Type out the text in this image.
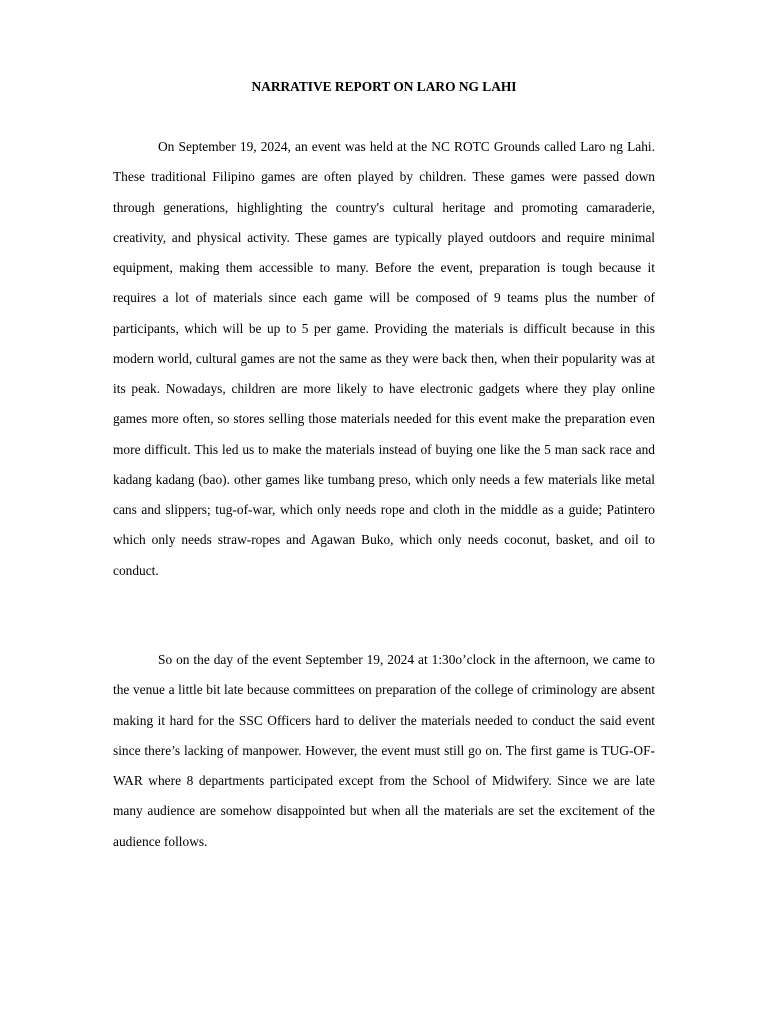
NARRATIVE REPORT ON LARO NG LAHI

On September 19, 2024, an event was held at the NC ROTC Grounds called Laro ng Lahi. These traditional Filipino games are often played by children. These games were passed down through generations, highlighting the country's cultural heritage and promoting camaraderie, creativity, and physical activity. These games are typically played outdoors and require minimal equipment, making them accessible to many. Before the event, preparation is tough because it requires a lot of materials since each game will be composed of 9 teams plus the number of participants, which will be up to 5 per game. Providing the materials is difficult because in this modern world, cultural games are not the same as they were back then, when their popularity was at its peak. Nowadays, children are more likely to have electronic gadgets where they play online games more often, so stores selling those materials needed for this event make the preparation even more difficult. This led us to make the materials instead of buying one like the 5 man sack race and kadang kadang (bao). other games like tumbang preso, which only needs a few materials like metal cans and slippers; tug-of-war, which only needs rope and cloth in the middle as a guide; Patintero which only needs straw-ropes and Agawan Buko, which only needs coconut, basket, and oil to conduct.

So on the day of the event September 19, 2024 at 1:30o’clock in the afternoon, we came to the venue a little bit late because committees on preparation of the college of criminology are absent making it hard for the SSC Officers hard to deliver the materials needed to conduct the said event since there’s lacking of manpower. However, the event must still go on. The first game is TUG-OF-WAR where 8 departments participated except from the School of Midwifery. Since we are late many audience are somehow disappointed but when all the materials are set the excitement of the audience follows.
